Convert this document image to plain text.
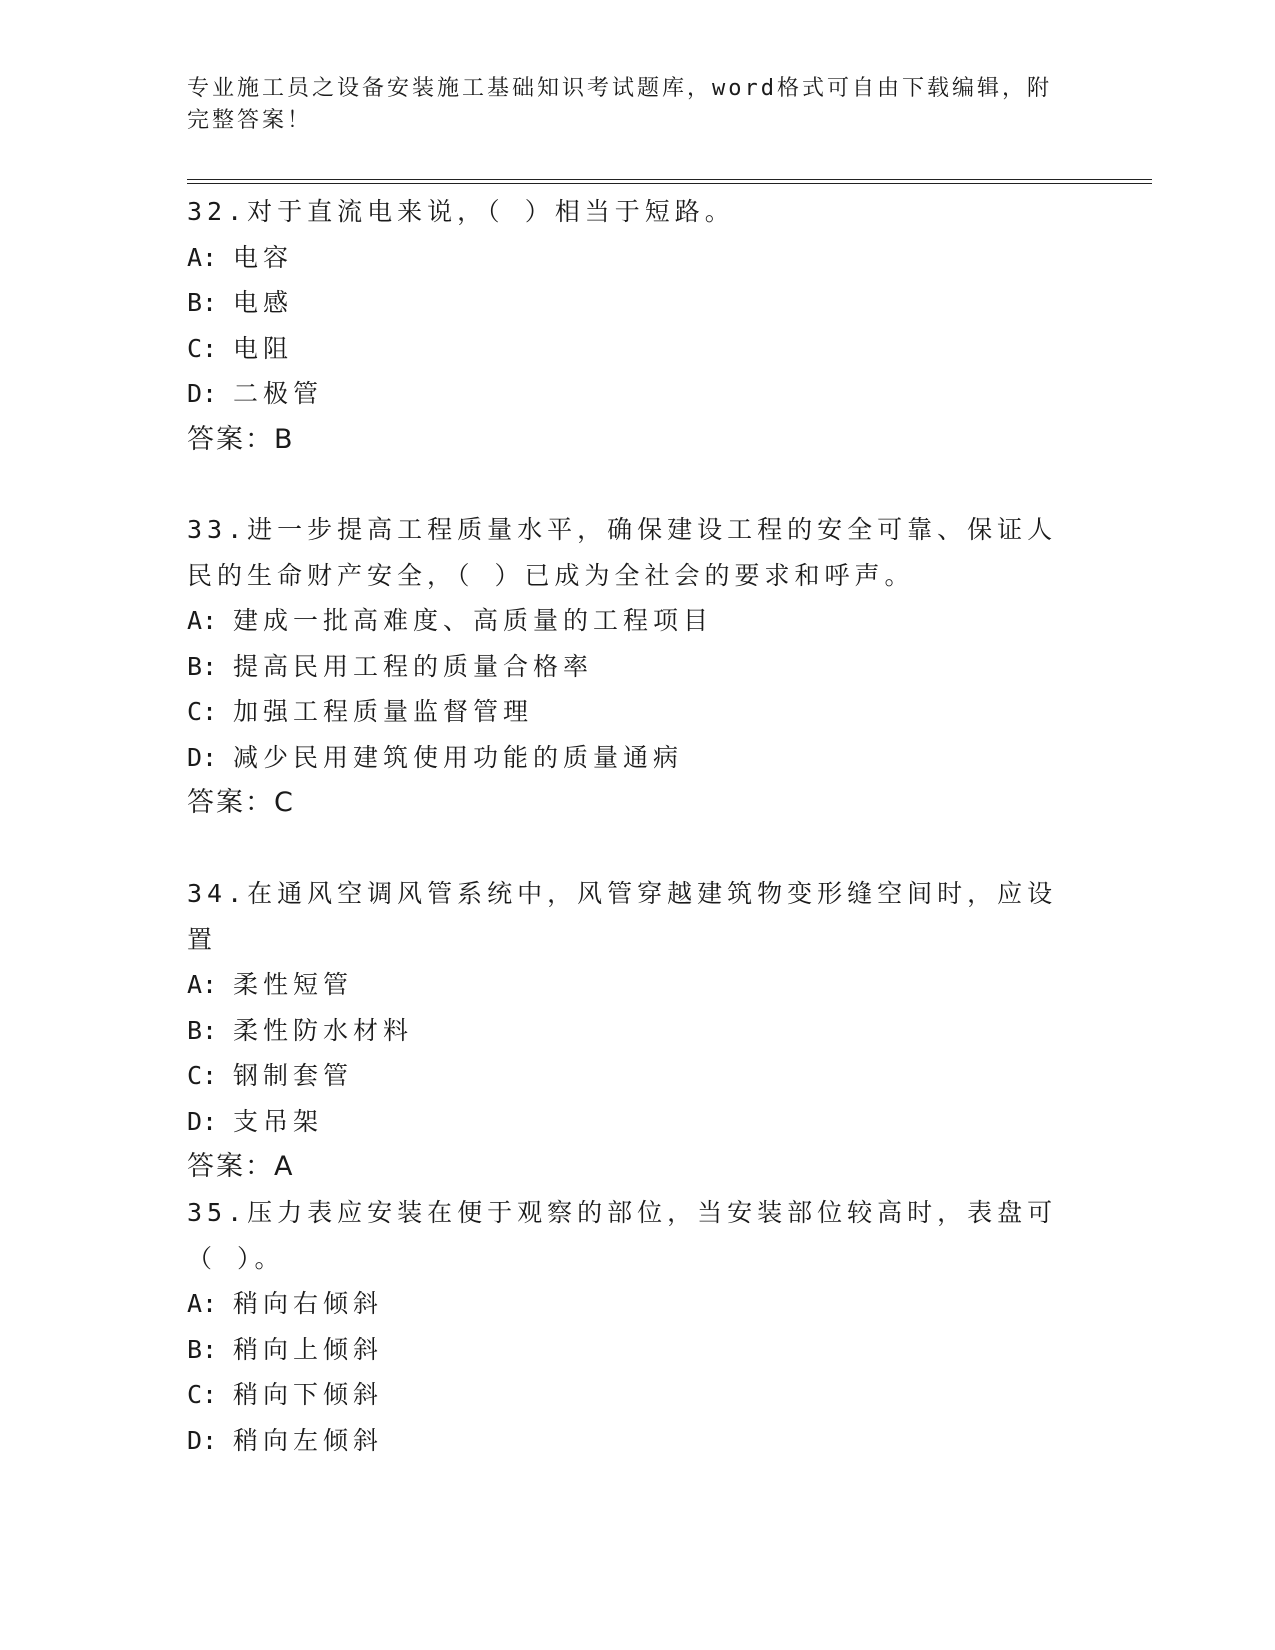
专业施工员之设备安装施工基础知识考试题库，word格式可自由下载编辑，附完整答案！
32.对于直流电来说，（ ）相当于短路。
A: 电容
B: 电感
C: 电阻
D: 二极管
答案：B
33.进一步提高工程质量水平，确保建设工程的安全可靠、保证人民的生命财产安全，（ ）已成为全社会的要求和呼声。
A: 建成一批高难度、高质量的工程项目
B: 提高民用工程的质量合格率
C: 加强工程质量监督管理
D: 减少民用建筑使用功能的质量通病
答案：C
34.在通风空调风管系统中，风管穿越建筑物变形缝空间时，应设置
A: 柔性短管
B: 柔性防水材料
C: 钢制套管
D: 支吊架
答案：A
35.压力表应安装在便于观察的部位，当安装部位较高时，表盘可（ ）。
A: 稍向右倾斜
B: 稍向上倾斜
C: 稍向下倾斜
D: 稍向左倾斜
